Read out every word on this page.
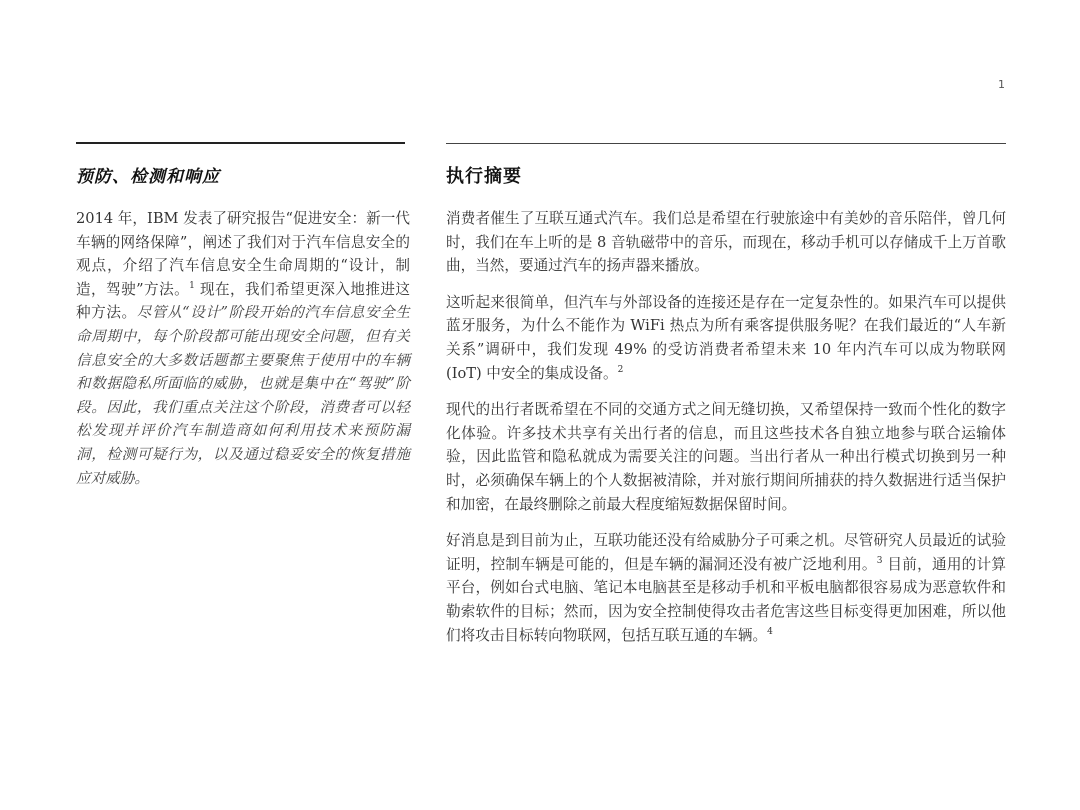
1
预防、检测和响应	执行摘要
2014 年，IBM 发表了研究报告“促进安全：新一代车辆的网络保障”，阐述了我们对于汽车信息安全的观点，介绍了汽车信息安全生命周期的“设计，制造，驾驶”方法。$^1$ 现在，我们希望更深入地推进这种方法。尽管从“设计”阶段开始的汽车信息安全生命周期中，每个阶段都可能出现安全问题，但有关信息安全的大多数话题都主要聚焦于使用中的车辆和数据隐私所面临的威胁，也就是集中在“驾驶”阶段。因此，我们重点关注这个阶段，消费者可以轻松发现并评价汽车制造商如何利用技术来预防漏洞，检测可疑行为，以及通过稳妥安全的恢复措施应对威胁。

消费者催生了互联互通式汽车。我们总是希望在行驶旅途中有美妙的音乐陪伴，曾几何时，我们在车上听的是 8 音轨磁带中的音乐，而现在，移动手机可以存储成千上万首歌曲，当然，要通过汽车的扬声器来播放。

这听起来很简单，但汽车与外部设备的连接还是存在一定复杂性的。如果汽车可以提供蓝牙服务，为什么不能作为 WiFi 热点为所有乘客提供服务呢？在我们最近的“人车新关系”调研中，我们发现 49% 的受访消费者希望未来 10 年内汽车可以成为物联网 (IoT) 中安全的集成设备。$^2$

现代的出行者既希望在不同的交通方式之间无缝切换，又希望保持一致而个性化的数字化体验。许多技术共享有关出行者的信息，而且这些技术各自独立地参与联合运输体验，因此监管和隐私就成为需要关注的问题。当出行者从一种出行模式切换到另一种时，必须确保车辆上的个人数据被清除，并对旅行期间所捕获的持久数据进行适当保护和加密，在最终删除之前最大程度缩短数据保留时间。

好消息是到目前为止，互联功能还没有给威胁分子可乘之机。尽管研究人员最近的试验证明，控制车辆是可能的，但是车辆的漏洞还没有被广泛地利用。$^3$ 目前，通用的计算平台，例如台式电脑、笔记本电脑甚至是移动手机和平板电脑都很容易成为恶意软件和勒索软件的目标；然而，因为安全控制使得攻击者危害这些目标变得更加困难，所以他们将攻击目标转向物联网，包括互联互通的车辆。$^4$
